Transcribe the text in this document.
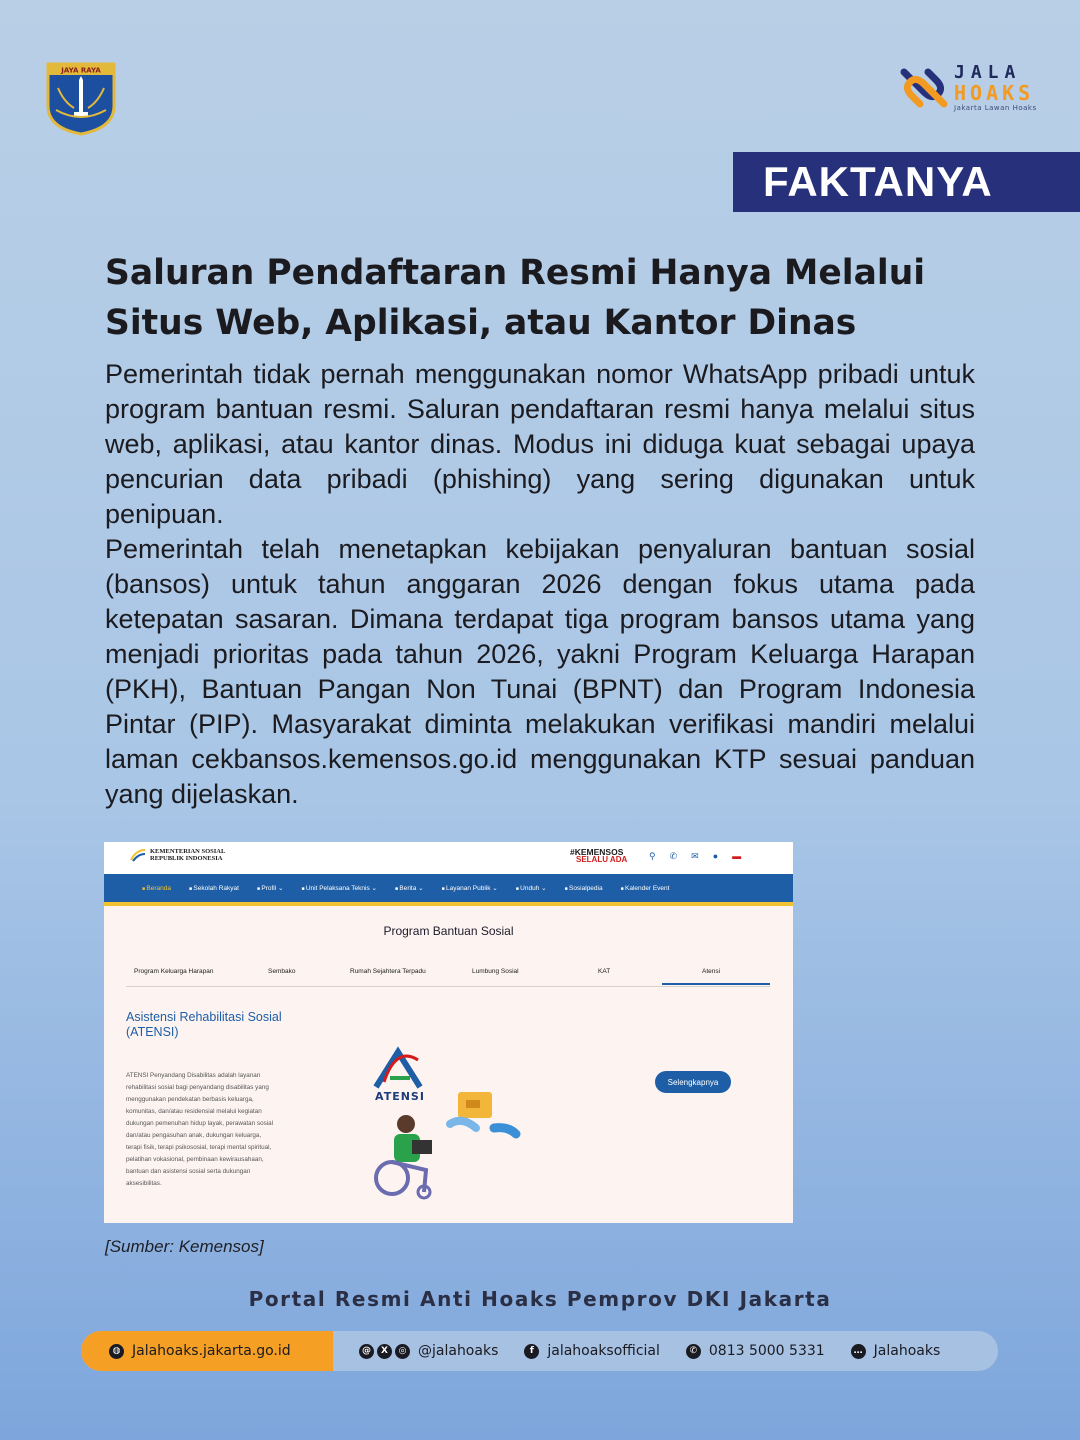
JAYA RAYA	JALA
HOAKS
Jakarta Lawan Hoaks
FAKTANYA
Saluran Pendaftaran Resmi Hanya Melalui Situs Web, Aplikasi, atau Kantor Dinas

Pemerintah tidak pernah menggunakan nomor WhatsApp pribadi untuk program bantuan resmi. Saluran pendaftaran resmi hanya melalui situs web, aplikasi, atau kantor dinas. Modus ini diduga kuat sebagai upaya pencurian data pribadi (phishing) yang sering digunakan untuk penipuan.

Pemerintah telah menetapkan kebijakan penyaluran bantuan sosial (bansos) untuk tahun anggaran 2026 dengan fokus utama pada ketepatan sasaran. Dimana terdapat tiga program bansos utama yang menjadi prioritas pada tahun 2026, yakni Program Keluarga Harapan (PKH), Bantuan Pangan Non Tunai (BPNT) dan Program Indonesia Pintar (PIP). Masyarakat diminta melakukan verifikasi mandiri melalui laman cekbansos.kemensos.go.id menggunakan KTP sesuai panduan yang dijelaskan.

KEMENTERIAN SOSIAL
REPUBLIK INDONESIA
#KEMENSOS
SELALU ADA ⚲ ✆ ✉ ● ▬
■ Beranda	■ Sekolah Rakyat	■ Profil ⌄	■ Unit Pelaksana Teknis ⌄	■ Berita ⌄	■ Layanan Publik ⌄	■ Unduh ⌄	■ Sosialpedia	■ Kalender Event
Program Bantuan Sosial
Program Keluarga Harapan	Sembako	Rumah Sejahtera Terpadu	Lumbung Sosial	KAT	Atensi
Asistensi Rehabilitasi Sosial (ATENSI)
ATENSI Penyandang Disabilitas adalah layanan rehabilitasi sosial bagi penyandang disabilitas yang menggunakan pendekatan berbasis keluarga, komunitas, dan/atau residensial melalui kegiatan dukungan pemenuhan hidup layak, perawatan sosial dan/atau pengasuhan anak, dukungan keluarga, terapi fisik, terapi psikososial, terapi mental spiritual, pelatihan vokasional, pembinaan kewirausahaan, bantuan dan asistensi sosial serta dukungan aksesibilitas.
ATENSI
Selengkapnya
[Sumber: Kemensos]
Portal Resmi Anti Hoaks Pemprov DKI Jakarta
◍ Jalahoaks.jakarta.go.id	@	X	◎ @jalahoaks	f jalahoaksofficial	✆ 0813 5000 5331	… Jalahoaks
